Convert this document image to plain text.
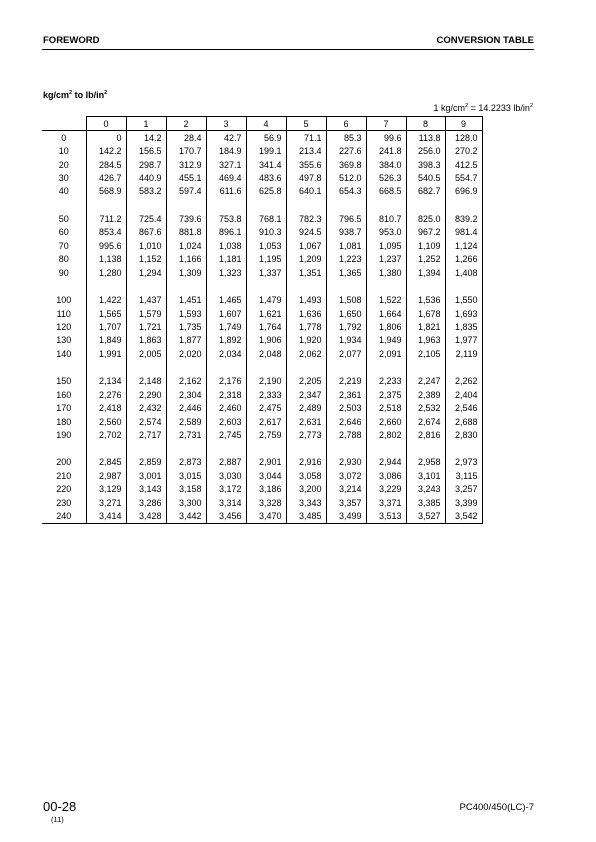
FOREWORD	CONVERSION TABLE
$kg/cm^2$ to $lb/in^2$
1 $kg/cm^2 = 14.2233$ $lb/in^2$
	0	1	2	3	4	5	6	7	8	9
0	0	14.2	28.4	42.7	56.9	71.1	85.3	99.6	113.8	128.0
10	142.2	156.5	170.7	184.9	199.1	213.4	227.6	241.8	256.0	270.2
20	284.5	298.7	312.9	327.1	341.4	355.6	369.8	384.0	398.3	412.5
30	426.7	440.9	455.1	469.4	483.6	497.8	512.0	526.3	540.5	554.7
40	568.9	583.2	597.4	611.6	625.8	640.1	654.3	668.5	682.7	696.9

50	711.2	725.4	739.6	753.8	768.1	782.3	796.5	810.7	825.0	839.2
60	853.4	867.6	881.8	896.1	910.3	924.5	938.7	953.0	967.2	981.4
70	995.6	1,010	1,024	1,038	1,053	1,067	1,081	1,095	1,109	1,124
80	1,138	1,152	1,166	1,181	1,195	1,209	1,223	1,237	1,252	1,266
90	1,280	1,294	1,309	1,323	1,337	1,351	1,365	1,380	1,394	1,408

100	1,422	1,437	1,451	1,465	1,479	1,493	1,508	1,522	1,536	1,550
110	1,565	1,579	1,593	1,607	1,621	1,636	1,650	1,664	1,678	1,693
120	1,707	1,721	1,735	1,749	1,764	1,778	1,792	1,806	1,821	1,835
130	1,849	1,863	1,877	1,892	1,906	1,920	1,934	1,949	1,963	1,977
140	1,991	2,005	2,020	2,034	2,048	2,062	2,077	2,091	2,105	2,119

150	2,134	2,148	2,162	2,176	2,190	2,205	2,219	2,233	2,247	2,262
160	2,276	2,290	2,304	2,318	2,333	2,347	2,361	2,375	2,389	2,404
170	2,418	2,432	2,446	2,460	2,475	2,489	2,503	2,518	2,532	2,546
180	2,560	2,574	2,589	2,603	2,617	2,631	2,646	2,660	2,674	2,688
190	2,702	2,717	2,731	2,745	2,759	2,773	2,788	2,802	2,816	2,830

200	2,845	2,859	2,873	2,887	2,901	2,916	2,930	2,944	2,958	2,973
210	2,987	3,001	3,015	3,030	3,044	3,058	3,072	3,086	3,101	3,115
220	3,129	3,143	3,158	3,172	3,186	3,200	3,214	3,229	3,243	3,257
230	3,271	3,286	3,300	3,314	3,328	3,343	3,357	3,371	3,385	3,399
240	3,414	3,428	3,442	3,456	3,470	3,485	3,499	3,513	3,527	3,542
00-28
(11)
PC400/450(LC)-7
